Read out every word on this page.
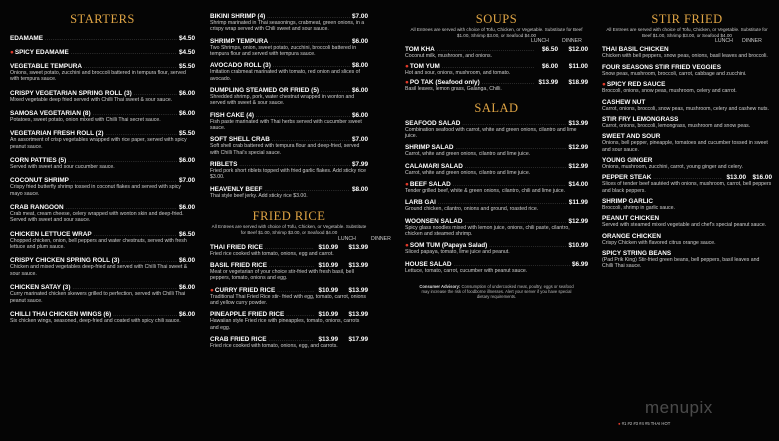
STARTERS
EDAMAME .....	$4.50
● SPICY EDAMAME .....	$4.50
VEGETABLE TEMPURA .....	$5.50
Onions, sweet potato, zucchini and broccoli battered in tempura flour, served with tempura sauce.
CRISPY VEGETARIAN SPRING ROLL (3) .....	$6.00
Mixed vegetable deep fried served with Chilli Thai sweet & sour sauce.
SAMOSA VEGETARIAN (8) .....	$6.00
Potatoes, sweet potato, onion mixed with Chilli Thai secret sauce.
VEGETARIAN FRESH ROLL (2) .....	$5.50
An assortment of crisp vegetables wrapped with rice paper, served with spicy peanut sauce.
CORN PATTIES (5) .....	$6.00
Served with sweet and sour cucumber sauce.
COCONUT SHRIMP .....	$7.00
Crispy fried butterfly shrimp tossed in coconut flakes and served with spicy mayo sauce.
CRAB RANGOON .....	$6.00
Crab meat, cream cheese, celery wrapped with wonton skin and deep-fried. Served with sweet and sour sauce.
CHICKEN LETTUCE WRAP .....	$6.50
Chopped chicken, onion, bell peppers and water chestnuts, served with fresh lettuce and plum sauce.
CRISPY CHICKEN SPRING ROLL (3) .....	$6.00
Chicken and mixed vegetables deep-fried and served with Chilli Thai sweet & sour sauce.
CHICKEN SATAY (3) .....	$6.00
Curry marinated chicken skewers grilled to perfection, served with Chilli Thai peanut sauce.
CHILLI THAI CHICKEN WINGS (6) .....	$6.00
Six chicken wings, seasoned, deep-fried and coated with spicy chili sauce.
BIKINI SHRIMP (4) .....	$7.00
Shrimp marinated in Thai seasonings, crabmeat, green onions, in a crispy wrap served with Chili sweet and sour sauce.
SHRIMP TEMPURA .....	$6.00
Two Shrimps, onion, sweet potato, zucchini, broccoli battered in tempura flour and served with tempura sauce.
AVOCADO ROLL (3) .....	$8.00
Imitation crabmeat marinated with tomato, red onion and slices of avocado.
DUMPLING STEAMED OR FRIED (5) .....	$6.00
Shredded shrimp, pork, water chestnut wrapped in wonton and served with sweet & sour sauce.
FISH CAKE (4) .....	$6.00
Fish paste marinated with Thai herbs served with cucumber sweet sauce.
SOFT SHELL CRAB .....	$7.00
Soft shell crab battered with tempura flour and deep-fried, served with Chilli Thai's special sauce.
RIBLETS .....	$7.99
Fried pork short riblets topped with fried garlic flakes. Add sticky rice $3.00.
HEAVENLY BEEF .....	$8.00
Thai style beef jerky. Add sticky rice $3.00.
FRIED RICE
All Entrees are served with choice of Tofu, Chicken, or Vegetable. Substitute for Beef $1.00, Shrimp $3.00, or Seafood $4.00
LUNCH	DINNER
THAI FRIED RICE .....	$10.99	$13.99
Fried rice cooked with tomato, onions, egg and carrot.
BASIL FRIED RICE .....	$10.99	$13.99
Meat or vegetarian of your choice stir-fried with fresh basil, bell peppers, tomato, onions and egg.
● CURRY FRIED RICE .....	$10.99	$13.99
Traditional Thai Fried Rice stir- fried with egg, tomato, carrot, onions and yellow curry powder.
PINEAPPLE FRIED RICE .....	$10.99	$13.99
Hawaiian style Fried rice with pineapples, tomato, onions, carrots and egg.
CRAB FRIED RICE .....	$13.99	$17.99
Fried rice cooked with tomato, onions, egg, and carrots.
SOUPS
All Entrees are served with choice of Tofu, Chicken, or Vegetable. Substitute for Beef $1.00, Shrimp $3.00, or Seafood $4.00
LUNCH	DINNER
TOM KHA .....	$6.50	$12.00
Coconut milk, mushroom, and onions.
● TOM YUM .....	$6.00	$11.00
Hot and sour, onions, mushroom, and tomato.
● PO TAK (Seafood only) .....	$13.99	$18.99
Basil leaves, lemon grass, Galanga, Chilli.
SALAD
SEAFOOD SALAD .....	$13.99
Combination seafood with carrot, white and green onions, cilantro and lime juice.
SHRIMP SALAD .....	$12.99
Carrot, white and green onions, cilantro and lime juice.
CALAMARI SALAD .....	$12.99
Carrot, white and green onions, cilantro and lime juice.
● BEEF SALAD .....	$14.00
Tender grilled beef, white & green onions, cilantro, chili and lime juice.
LARB GAI .....	$11.99
Ground chicken, cilantro, onions and ground, roasted rice.
WOONSEN SALAD .....	$12.99
Spicy glass noodles mixed with lemon juice, onions, chili paste, cilantro, chicken and steamed shrimp.
● SOM TUM (Papaya Salad) .....	$10.99
Sliced papaya, tomato, lime juice and peanut.
HOUSE SALAD .....	$6.99
Lettuce, tomato, carrot, cucumber with peanut sauce.
Consumer Advisory: Consumption of undercooked meat, poultry, eggs or seafood may increase the risk of foodborne illnesses. Alert your server if you have special dietary requirements.
STIR FRIED
All Entrees are served with choice of Tofu, Chicken, or Vegetable. Substitute for Beef $1.00, Shrimp $3.00, or Seafood $4.00
LUNCH DINNER
THAI BASIL CHICKEN
Chicken with bell peppers, snow peas, onions, basil leaves and broccoli.
FOUR SEASONS STIR FRIED VEGGIES
Snow peas, mushroom, broccoli, carrot, cabbage and zucchini.
● SPICY RED SAUCE
Broccoli, onions, snow peas, mushroom, celery and carrot.
CASHEW NUT
Carrot, onions, broccoli, snow peas, mushroom, celery and cashew nuts.
STIR FRY LEMONGRASS
Carrot, onions, broccoli, lemongrass, mushroom and snow peas.
SWEET AND SOUR
Onions, bell pepper, pineapple, tomatoes and cucumber tossed in sweet and sour sauce.
YOUNG GINGER
Onions, mushroom, zucchini, carrot, young ginger and celery.
PEPPER STEAK .....	$13.00	$16.00
Slices of tender beef sautéed with onions, mushroom, carrot, bell peppers and black peppers.
SHRIMP GARLIC
Broccoli, shrimp in garlic sauce.
PEANUT CHICKEN
Served with steamed mixed vegetable and chef's special peanut sauce.
ORANGE CHICKEN
Crispy Chicken with flavored citrus orange sauce.
SPICY STRING BEANS
(Pad Prik King) Stir-fried green beans, bell peppers, basil leaves and Chilli Thai sauce.
menupix
● #1 #2 #3 #4 #5 THAI HOT
